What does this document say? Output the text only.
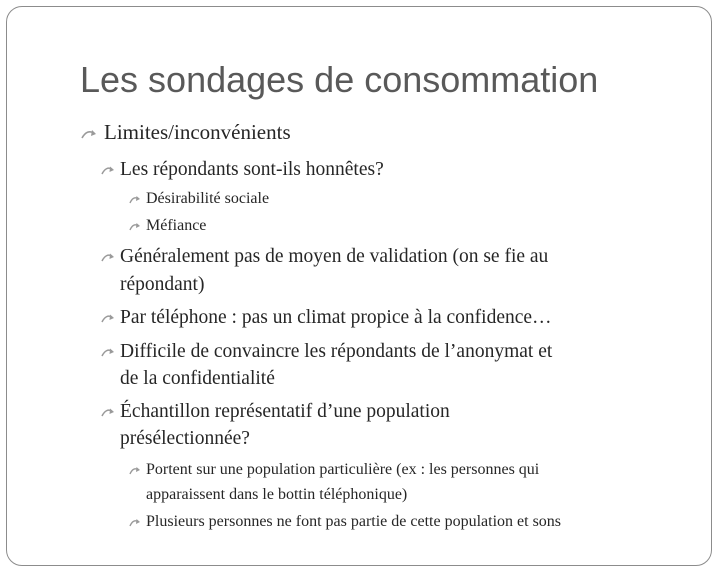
Les sondages de consommation
Limites/inconvénients
Les répondants sont-ils honnêtes?
Désirabilité sociale
Méfiance
Généralement pas de moyen de validation (on se fie au
répondant)
Par téléphone : pas un climat propice à la confidence…
Difficile de convaincre les répondants de l’anonymat et
de la confidentialité
Échantillon représentatif d’une population
présélectionnée?
Portent sur une population particulière (ex : les personnes qui
apparaissent dans le bottin téléphonique)
Plusieurs personnes ne font pas partie de cette population et sons
